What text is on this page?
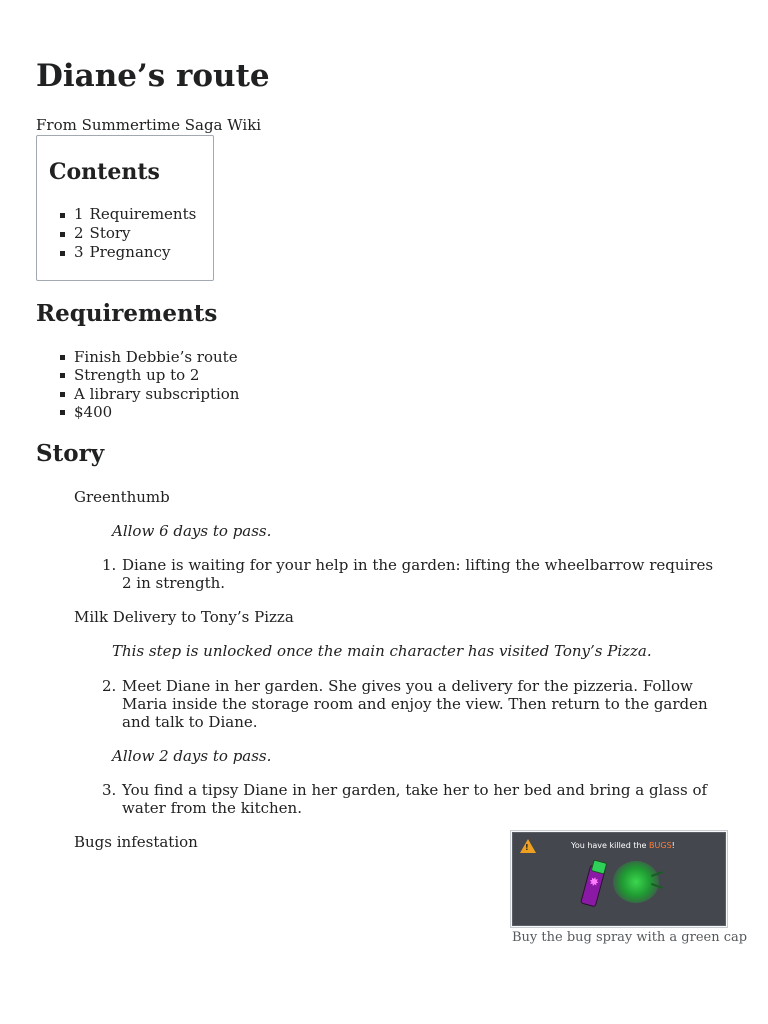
Diane’s route
From Summertime Saga Wiki
Contents
1 Requirements
2 Story
3 Pregnancy
Requirements
Finish Debbie’s route
Strength up to 2
A library subscription
$400
Story
Greenthumb
Allow 6 days to pass.
1. Diane is waiting for your help in the garden: lifting the wheelbarrow requires 2 in strength.
Milk Delivery to Tony’s Pizza
This step is unlocked once the main character has visited Tony’s Pizza.
2. Meet Diane in her garden. She gives you a delivery for the pizzeria. Follow Maria inside the storage room and enjoy the view. Then return to the garden and talk to Diane.
Allow 2 days to pass.
3. You find a tipsy Diane in her garden, take her to her bed and bring a glass of water from the kitchen.
Bugs infestation	!	You have killed the BUGS!
✸
Buy the bug spray with a green cap
